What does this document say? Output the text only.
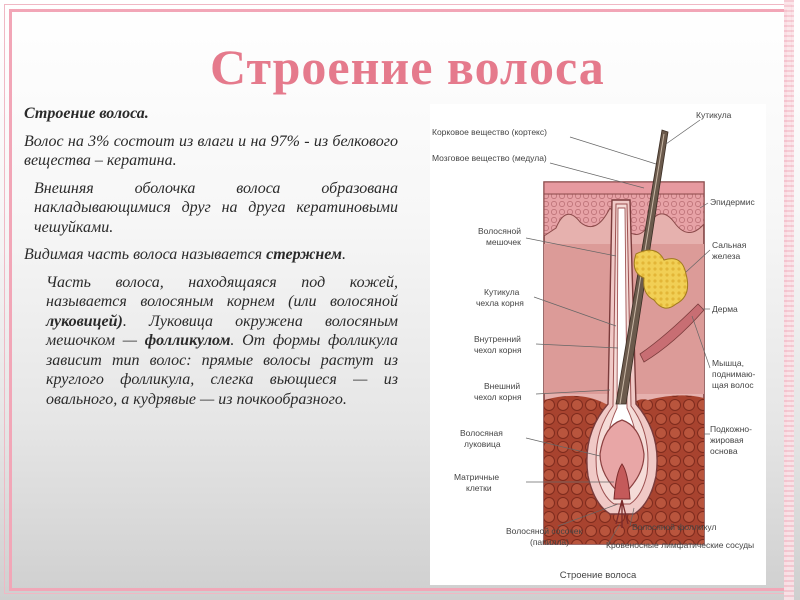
Строение волоса

Строение волоса.

Волос на 3% состоит из влаги и на 97% - из белкового вещества – кератина.

Внешняя оболочка волоса образована накладывающимися друг на друга кератиновыми чешуйками.

Видимая часть волоса называется стержнем.

Часть волоса, находящаяся под кожей, называется волосяным корнем (или волосяной луковицей). Луковица окружена волосяным мешочком — фолликулом. От формы фолликула зависит тип волос: прямые волосы растут из круглого фолликула, слегка вьющиеся — из овального, а кудрявые — из почкообразного.

Корковое вещество (кортекс)
Мозговое вещество (медула)
Кутикула
Эпидермис
Волосяной
мешочек	Сальная
железа
Кутикула
чехла корня
Дерма
Внутренний
чехол корня
Мышца,
поднимаю-
щая волос
Внешний
чехол корня
Подкожно-
жировая
основа
Волосяная
луковица
Матричные
клетки
Волосяной фолликул
Волосяной сосочек
(папилла)	Кровеносные лимфатические сосуды
Строение волоса
